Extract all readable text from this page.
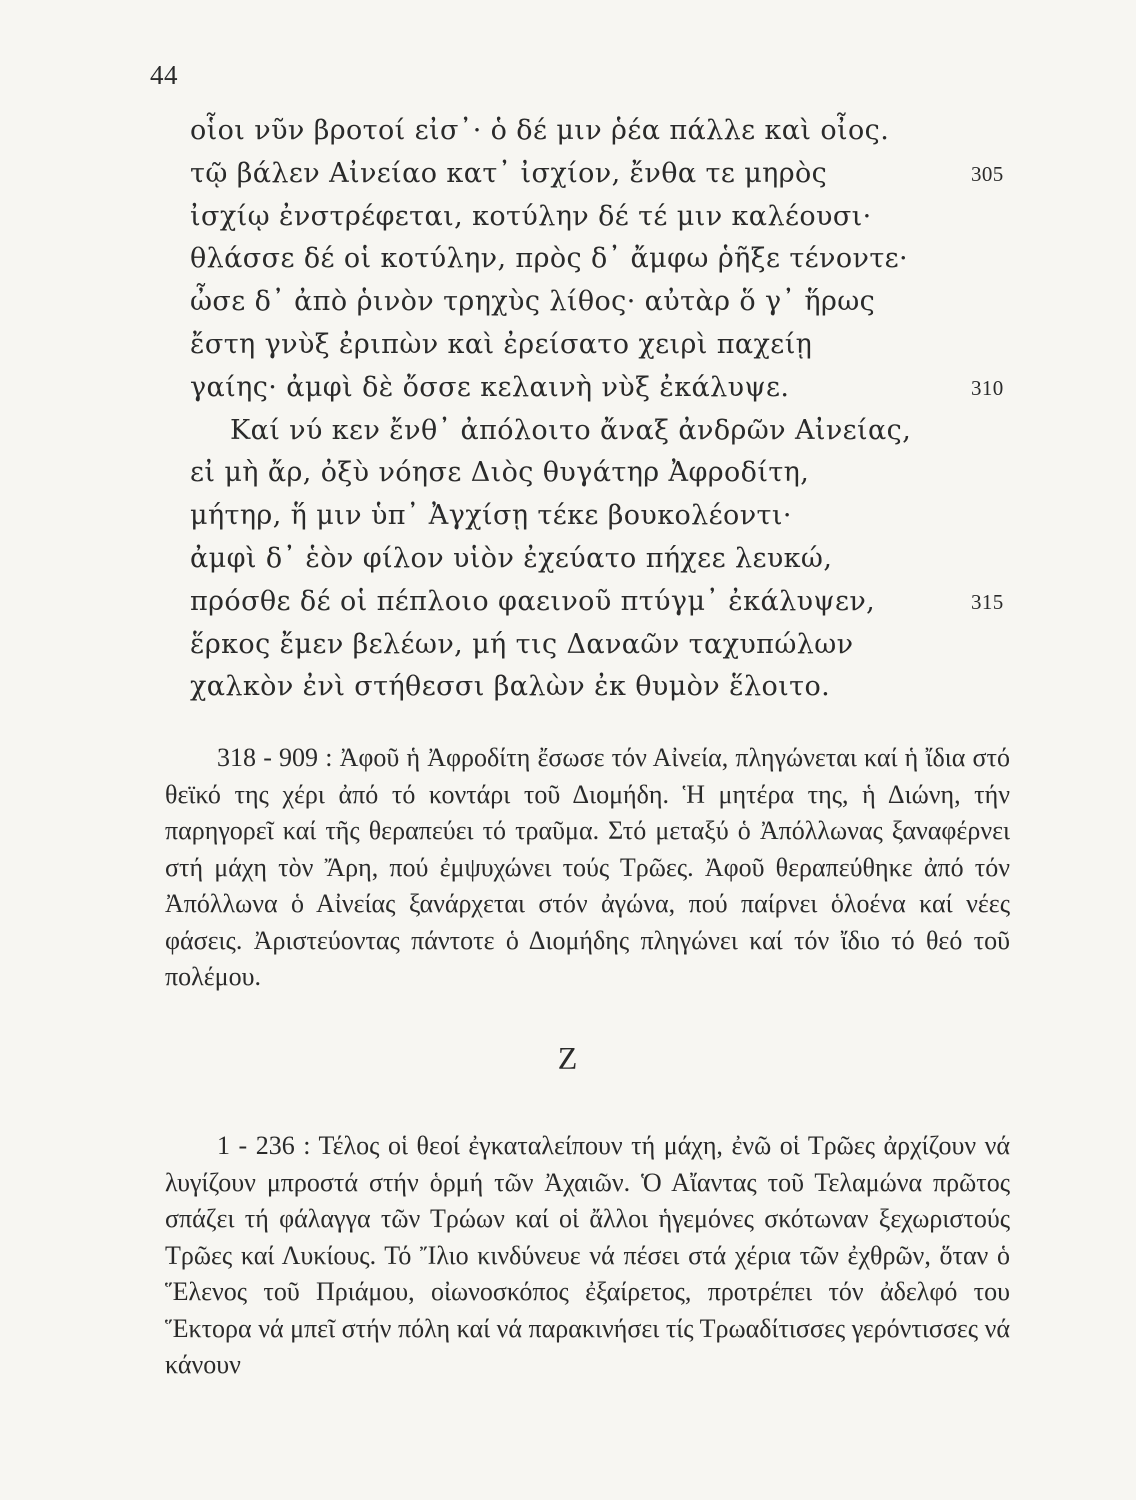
44
οἷοι νῦν βροτοί εἰσ᾽· ὁ δέ μιν ῥέα πάλλε καὶ οἶος.
τῷ βάλεν Αἰνείαο κατ᾽ ἰσχίον, ἔνθα τε μηρὸς	305
ἰσχίῳ ἐνστρέφεται, κοτύλην δέ τέ μιν καλέουσι·
θλάσσε δέ οἱ κοτύλην, πρὸς δ᾽ ἄμφω ῥῆξε τένοντε·
ὦσε δ᾽ ἀπὸ ῥινὸν τρηχὺς λίθος· αὐτὰρ ὅ γ᾽ ἥρως
ἔστη γνὺξ ἐριπὼν καὶ ἐρείσατο χειρὶ παχείῃ
γαίης· ἀμφὶ δὲ ὄσσε κελαινὴ νὺξ ἐκάλυψε.	310
Καί νύ κεν ἔνθ᾽ ἀπόλοιτο ἄναξ ἀνδρῶν Αἰνείας,
εἰ μὴ ἄρ, ὀξὺ νόησε Διὸς θυγάτηρ Ἀφροδίτη,
μήτηρ, ἥ μιν ὑπ᾽ Ἀγχίσῃ τέκε βουκολέοντι·
ἀμφὶ δ᾽ ἑὸν φίλον υἱὸν ἐχεύατο πήχεε λευκώ,
πρόσθε δέ οἱ πέπλοιο φαεινοῦ πτύγμ᾽ ἐκάλυψεν,	315
ἕρκος ἔμεν βελέων, μή τις Δαναῶν ταχυπώλων
χαλκὸν ἐνὶ στήθεσσι βαλὼν ἐκ θυμὸν ἕλοιτο.

318 - 909 : Ἀφοῦ ἡ Ἀφροδίτη ἔσωσε τόν Αἰνεία, πληγώνεται καί ἡ ἴδια στό θεϊκό της χέρι ἀπό τό κοντάρι τοῦ Διομήδη. Ἡ μητέρα της, ἡ Διώνη, τήν παρηγορεῖ καί τῆς θεραπεύει τό τραῦμα. Στό μεταξύ ὁ Ἀπόλλωνας ξαναφέρνει στή μάχη τὸν Ἄρη, πού ἐμψυχώνει τούς Τρῶες. Ἀφοῦ θεραπεύθηκε ἀπό τόν Ἀπόλλωνα ὁ Αἰνείας ξανάρχεται στόν ἀγώνα, πού παίρνει ὁλοένα καί νέες φάσεις. Ἀριστεύοντας πάντοτε ὁ Διομήδης πληγώνει καί τόν ἴδιο τό θεό τοῦ πολέμου.

Ζ

1 - 236 : Τέλος οἱ θεοί ἐγκαταλείπουν τή μάχη, ἐνῶ οἱ Τρῶες ἀρχίζουν νά λυγίζουν μπροστά στήν ὁρμή τῶν Ἀχαιῶν. Ὁ Αἴαντας τοῦ Τελαμώνα πρῶτος σπάζει τή φάλαγγα τῶν Τρώων καί οἱ ἄλλοι ἡγεμόνες σκότωναν ξεχωριστούς Τρῶες καί Λυκίους. Τό Ἴλιο κινδύνευε νά πέσει στά χέρια τῶν ἐχθρῶν, ὅταν ὁ Ἕλενος τοῦ Πριάμου, οἰωνοσκόπος ἐξαίρετος, προτρέπει τόν ἀδελφό του Ἕκτορα νά μπεῖ στήν πόλη καί νά παρακινήσει τίς Τρωαδίτισσες γερόντισσες νά κάνουν
